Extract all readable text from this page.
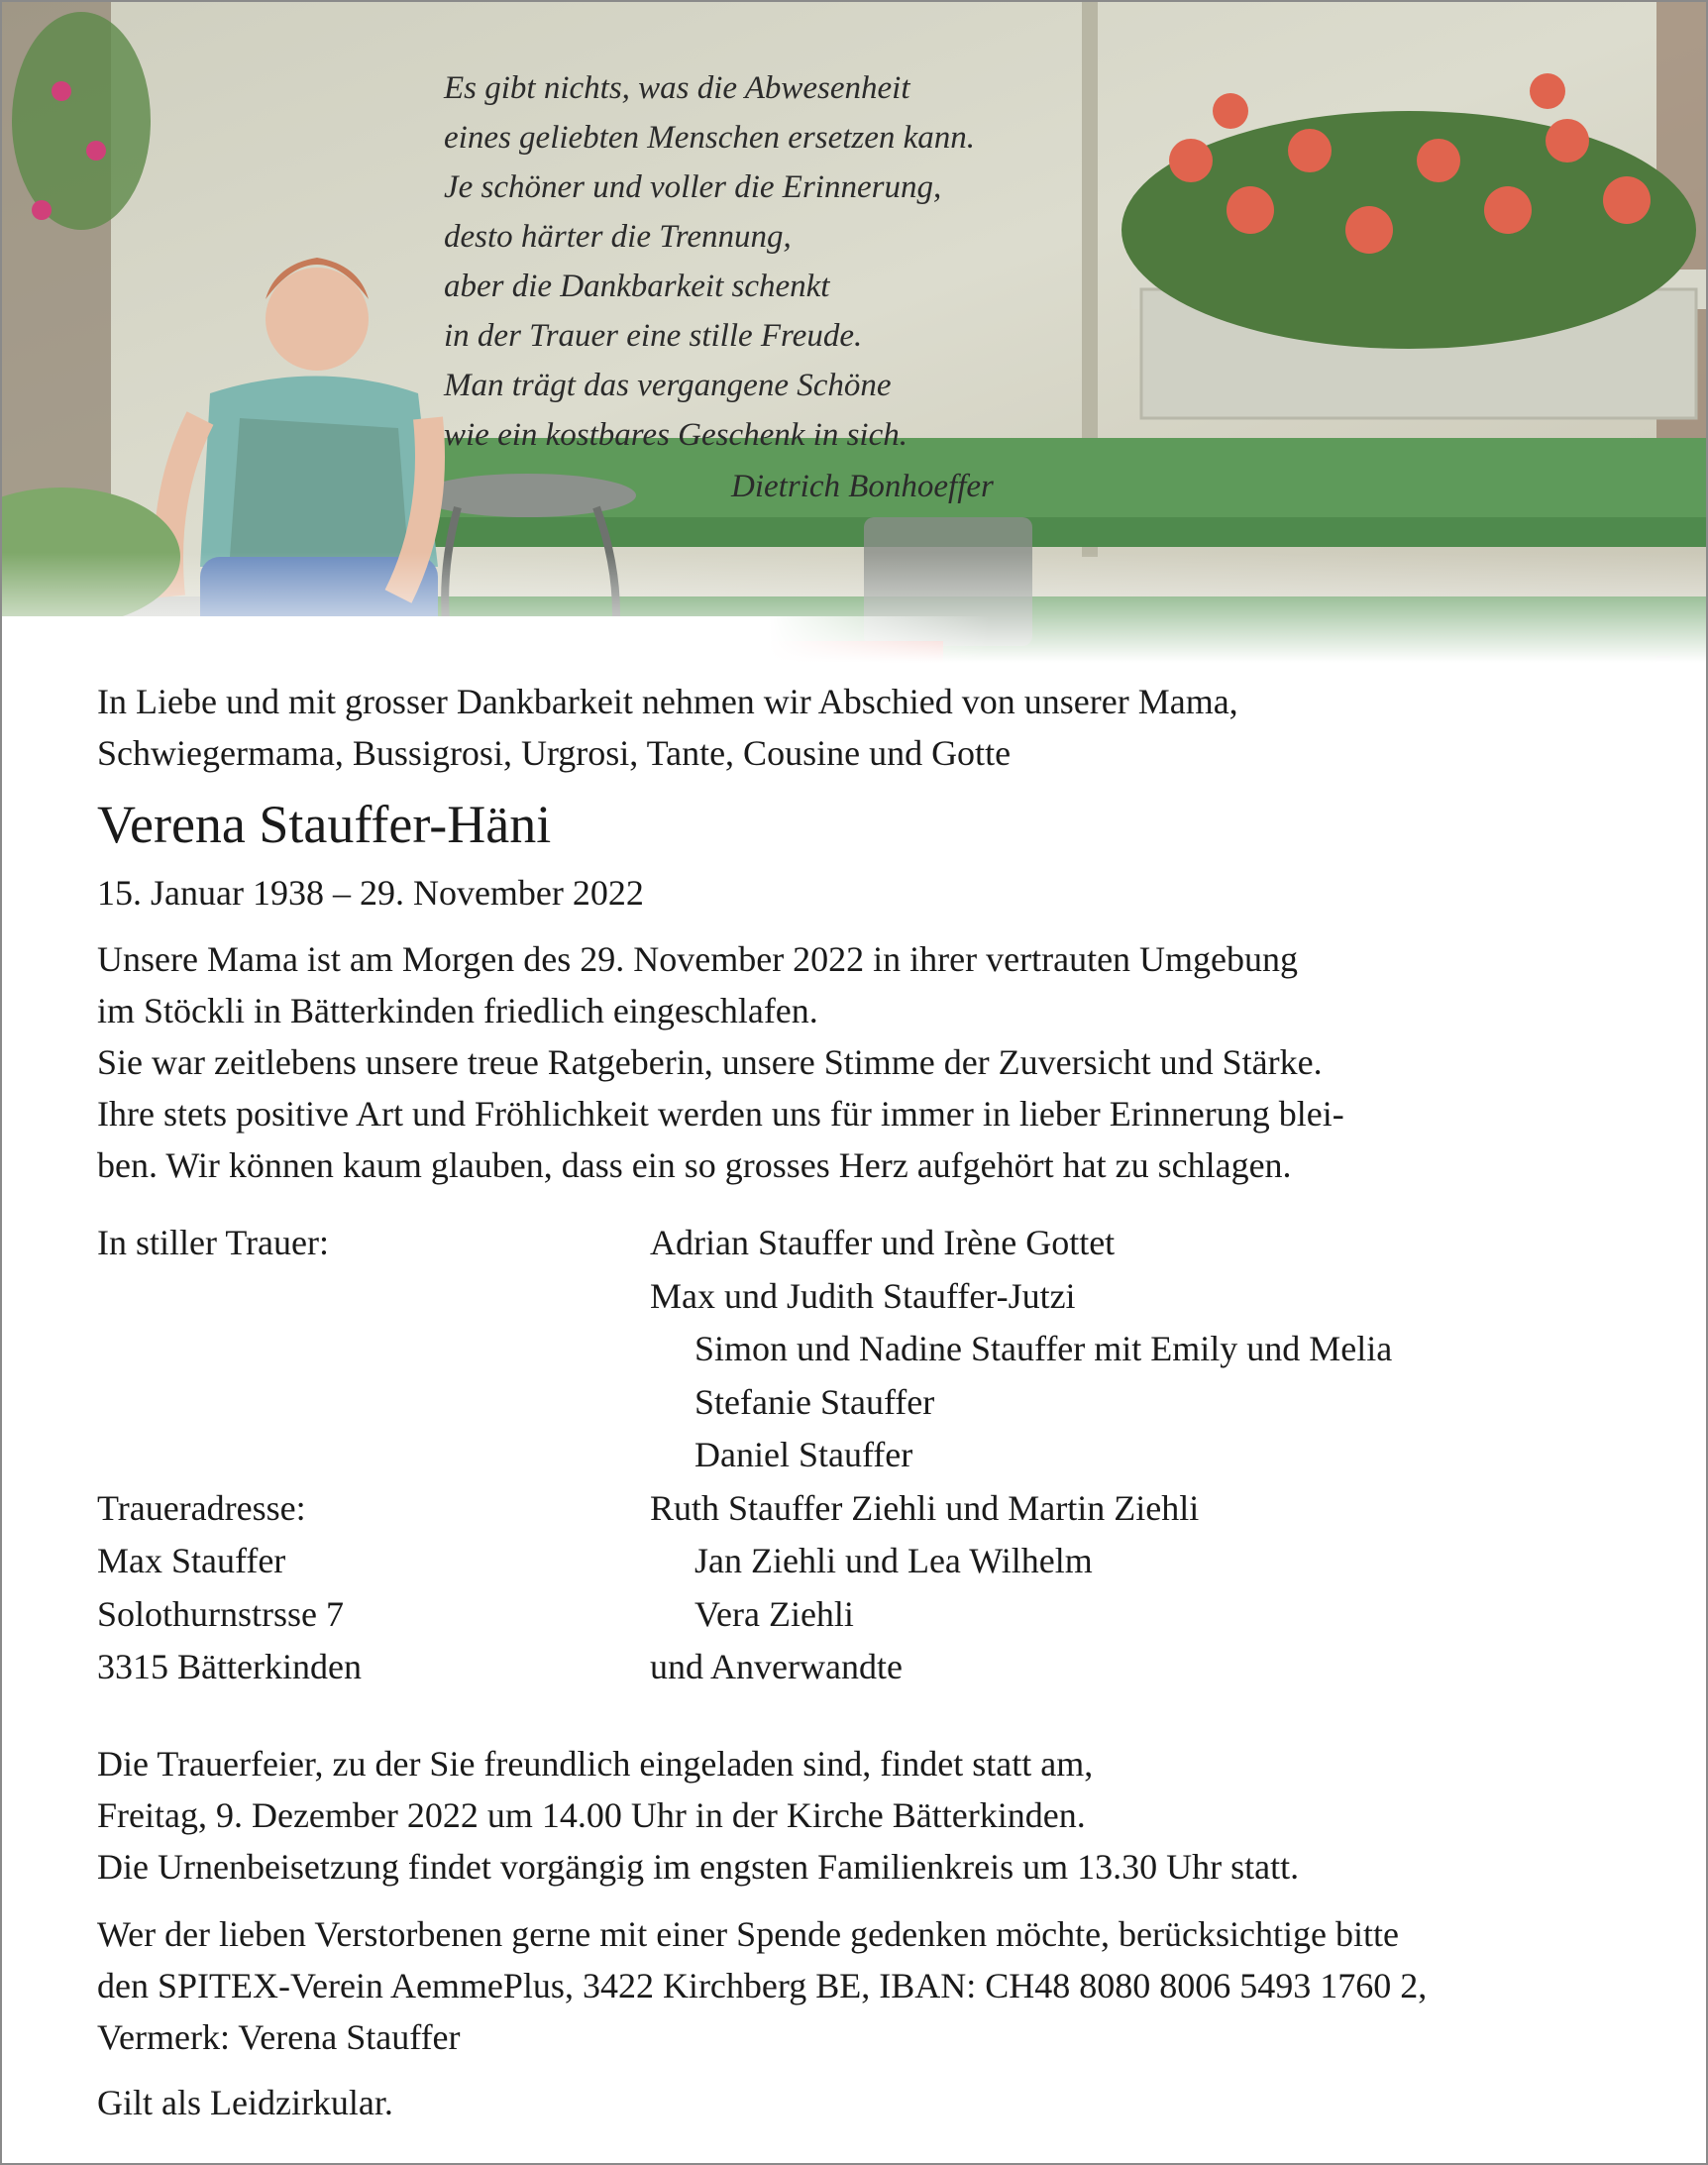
Es gibt nichts, was die Abwesenheit
eines geliebten Menschen ersetzen kann.
Je schöner und voller die Erinnerung,
desto härter die Trennung,
aber die Dankbarkeit schenkt
in der Trauer eine stille Freude.
Man trägt das vergangene Schöne
wie ein kostbares Geschenk in sich.
Dietrich Bonhoeffer
In Liebe und mit grosser Dankbarkeit nehmen wir Abschied von unserer Mama,
Schwiegermama, Bussigrosi, Urgrosi, Tante, Cousine und Gotte
Verena Stauffer-Häni
15. Januar 1938 – 29. November 2022
Unsere Mama ist am Morgen des 29. November 2022 in ihrer vertrauten Umgebung
im Stöckli in Bätterkinden friedlich eingeschlafen.
Sie war zeitlebens unsere treue Ratgeberin, unsere Stimme der Zuversicht und Stärke.
Ihre stets positive Art und Fröhlichkeit werden uns für immer in lieber Erinnerung blei-
ben. Wir können kaum glauben, dass ein so grosses Herz aufgehört hat zu schlagen.
In stiller Trauer:	Adrian Stauffer und Irène Gottet
Max und Judith Stauffer-Jutzi
Simon und Nadine Stauffer mit Emily und Melia
Stefanie Stauffer
Daniel Stauffer
Traueradresse:	Ruth Stauffer Ziehli und Martin Ziehli
Max Stauffer	Jan Ziehli und Lea Wilhelm
Solothurnstrsse 7	Vera Ziehli
3315 Bätterkinden	und Anverwandte
Die Trauerfeier, zu der Sie freundlich eingeladen sind, findet statt am,
Freitag, 9. Dezember 2022 um 14.00 Uhr in der Kirche Bätterkinden.
Die Urnenbeisetzung findet vorgängig im engsten Familienkreis um 13.30 Uhr statt.
Wer der lieben Verstorbenen gerne mit einer Spende gedenken möchte, berücksichtige bitte
den SPITEX-Verein AemmePlus, 3422 Kirchberg BE, IBAN: CH48 8080 8006 5493 1760 2,
Vermerk: Verena Stauffer
Gilt als Leidzirkular.
